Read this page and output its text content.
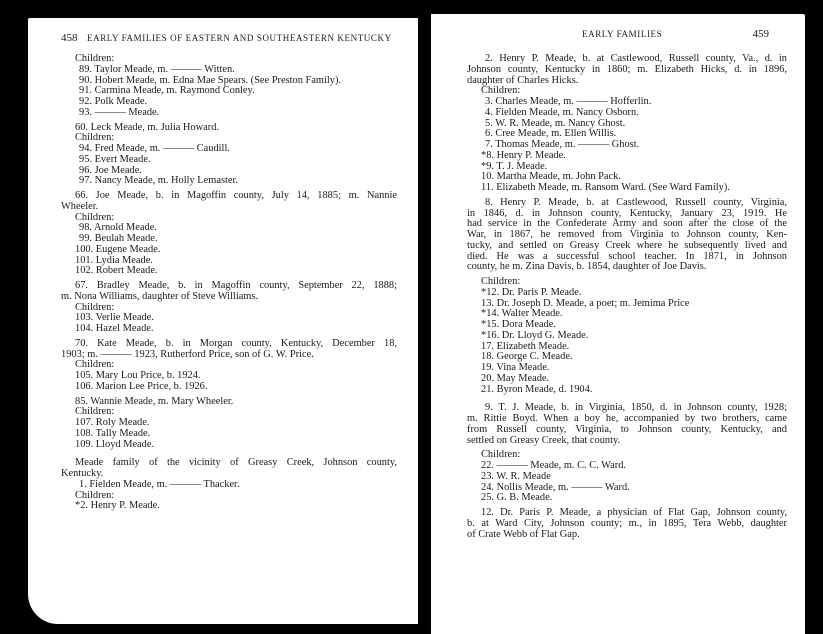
458 EARLY FAMILIES OF EASTERN AND SOUTHEASTERN KENTUCKY
Children:
89. Taylor Meade, m. ——— Witten.
90. Hobert Meade, m. Edna Mae Spears. (See Preston Family).
91. Carmina Meade, m. Raymond Conley.
92. Polk Meade.
93. ——— Meade.
60. Leck Meade, m. Julia Howard.
Children:
94. Fred Meade, m. ——— Caudill.
95. Evert Meade.
96. Joe Meade.
97. Nancy Meade, m. Holly Lemaster.
66. Joe Meade, b. in Magoffin county, July 14, 1885; m. Nannie
Wheeler.
Children:
98. Arnold Meade.
99. Beulah Meade.
100. Eugene Meade.
101. Lydia Meade.
102. Robert Meade.
67. Bradley Meade, b. in Magoffin county, September 22, 1888;
m. Nona Williams, daughter of Steve Williams.
Children:
103. Verlie Meade.
104. Hazel Meade.
70. Kate Meade, b. in Morgan county, Kentucky, December 18,
1903; m. ——— 1923, Rutherford Price, son of G. W. Price.
Children:
105. Mary Lou Price, b. 1924.
106. Marion Lee Price, b. 1926.
85. Wannie Meade, m. Mary Wheeler.
Children:
107. Roly Meade.
108. Tally Meade.
109. Lloyd Meade.
Meade family of the vicinity of Greasy Creek, Johnson county,
Kentucky.
1. Fielden Meade, m. ——— Thacker.
Children:
*2. Henry P. Meade.
EARLY FAMILIES	459
2. Henry P. Meade, b. at Castlewood, Russell county, Va., d. in
Johnson county, Kentucky in 1860; m. Elizabeth Hicks, d. in 1896,
daughter of Charles Hicks.
Children:
3. Charles Meade, m. ——— Hofferlin.
4. Fielden Meade, m. Nancy Osborn.
5. W. R. Meade, m. Nancy Ghost.
6. Cree Meade, m. Ellen Willis.
7. Thomas Meade, m. ——— Ghost.
*8. Henry P. Meade.
*9. T. J. Meade.
10. Martha Meade, m. John Pack.
11. Elizabeth Meade, m. Ransom Ward. (See Ward Family).
8. Henry P. Meade, b. at Castlewood, Russell county, Virginia,
in 1846, d. in Johnson county, Kentucky, January 23, 1919. He
had service in the Confederate Army and soon after the close of the
War, in 1867, he removed from Virginia to Johnson county, Ken-
tucky, and settled on Greasy Creek where he subsequently lived and
died. He was a successful school teacher. In 1871, in Johnson
county, he m. Zina Davis, b. 1854, daughter of Joe Davis.
Children:
*12. Dr. Paris P. Meade.
13. Dr. Joseph D. Meade, a poet; m. Jemima Price
*14. Walter Meade.
*15. Dora Meade.
*16. Dr. Lloyd G. Meade.
17. Elizabeth Meade.
18. George C. Meade.
19. Vina Meade.
20. May Meade.
21. Byron Meade, d. 1904.
9. T. J. Meade, b. in Virginia, 1850, d. in Johnson county, 1928;
m. Rittie Boyd. When a boy he, accompanied by two brothers, came
from Russell county, Virginia, to Johnson county, Kentucky, and
settled on Greasy Creek, that county.
Children:
22. ——— Meade, m. C. C. Ward.
23. W. R. Meade
24. Nollis Meade, m. ——— Ward.
25. G. B. Meade.
12. Dr. Paris P. Meade, a physician of Flat Gap, Johnson county,
b. at Ward City, Johnson county; m., in 1895, Tera Webb, daughter
of Crate Webb of Flat Gap.
